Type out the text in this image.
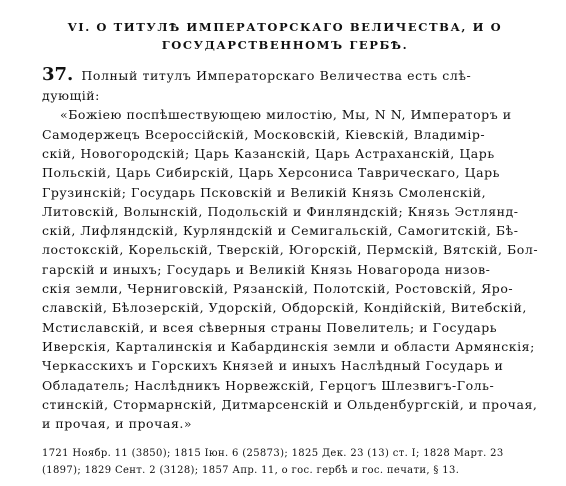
VI. О ТИТУЛѢ ИМПЕРАТОРСКАГО ВЕЛИЧЕСТВА, И О
ГОСУДАРСТВЕННОМЪ ГЕРБѢ.
37. Полный титулъ Императорскаго Величества есть слѣ-
дующій:
«Божіею поспѣшествующею милостію, Мы, N N, Императоръ и
Самодержецъ Всероссійскій, Московскій, Кіевскій, Владимір-
скій, Новогородскій; Царь Казанскій, Царь Астраханскій, Царь
Польскій, Царь Сибирскій, Царь Херсониса Таврическаго, Царь
Грузинскій; Государь Псковскій и Великій Князь Смоленскій,
Литовскій, Волынскій, Подольскій и Финляндскій; Князь Эстлянд-
скій, Лифляндскій, Курляндскій и Семигальскій, Самогитскій, Бѣ-
лостокскій, Корельскій, Тверскій, Югорскій, Пермскій, Вятскій, Бол-
гарскій и иныхъ; Государь и Великій Князь Новагорода низов-
скія земли, Черниговскій, Рязанскій, Полотскій, Ростовскій, Яро-
славскій, Бѣлозерскій, Удорскій, Обдорскій, Кондійскій, Витебскій,
Мстиславскій, и всея сѣверныя страны Повелитель; и Государь
Иверскія, Карталинскія и Кабардинскія земли и области Армянскія;
Черкасскихъ и Горскихъ Князей и иныхъ Наслѣдный Государь и
Обладатель; Наслѣдникъ Норвежскій, Герцогъ Шлезвигъ-Голь-
стинскій, Стормарнскій, Дитмарсенскій и Ольденбургскій, и прочая,
и прочая, и прочая.»
1721 Ноябр. 11 (3850); 1815 Іюн. 6 (25873); 1825 Дек. 23 (13) ст. I; 1828 Март. 23
(1897); 1829 Сент. 2 (3128); 1857 Апр. 11, о гос. гербѣ и гос. печати, § 13.
